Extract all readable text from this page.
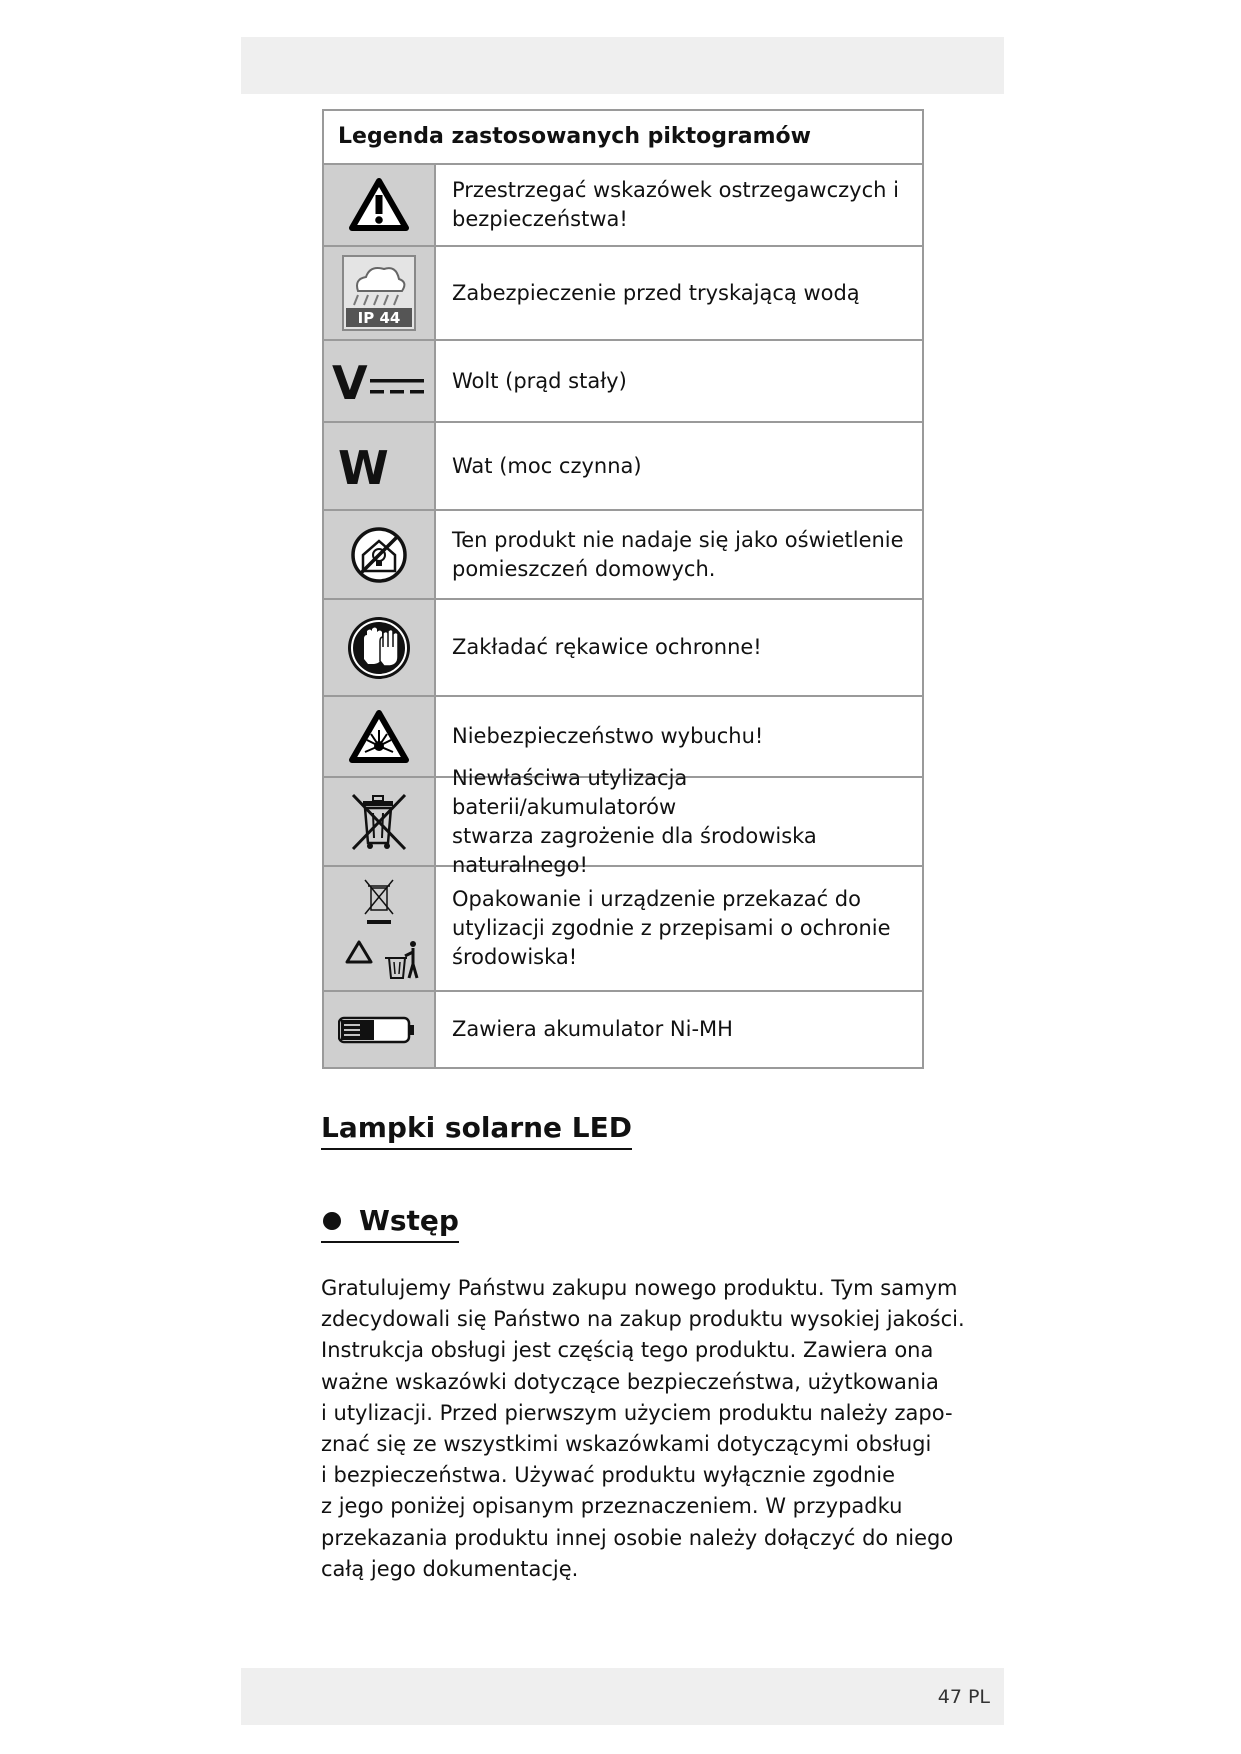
Legenda zastosowanych piktogramów
Przestrzegać wskazówek ostrzegawczych i
bezpieczeństwa!
IP 44
Zabezpieczenie przed tryskającą wodą
V	Wolt (prąd stały)
W	Wat (moc czynna)
Ten produkt nie nadaje się jako oświetlenie
pomieszczeń domowych.
Zakładać rękawice ochronne!
Niebezpieczeństwo wybuchu!
Niewłaściwa utylizacja baterii/akumulatorów
stwarza zagrożenie dla środowiska naturalnego!
Opakowanie i urządzenie przekazać do
utylizacji zgodnie z przepisami o ochronie
środowiska!
Zawiera akumulator Ni-MH
Lampki solarne LED
Wstęp
Gratulujemy Państwu zakupu nowego produktu. Tym samym
zdecydowali się Państwo na zakup produktu wysokiej jakości.
Instrukcja obsługi jest częścią tego produktu. Zawiera ona
ważne wskazówki dotyczące bezpieczeństwa, użytkowania
i utylizacji. Przed pierwszym użyciem produktu należy zapo-
znać się ze wszystkimi wskazówkami dotyczącymi obsługi
i bezpieczeństwa. Używać produktu wyłącznie zgodnie
z jego poniżej opisanym przeznaczeniem. W przypadku
przekazania produktu innej osobie należy dołączyć do niego
całą jego dokumentację.
47 PL
